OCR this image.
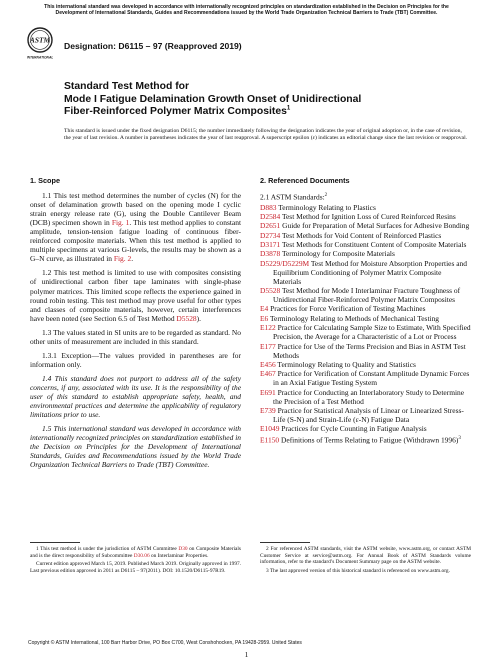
This international standard was developed in accordance with internationally recognized principles on standardization established in the Decision on Principles for the Development of International Standards, Guides and Recommendations issued by the World Trade Organization Technical Barriers to Trade (TBT) Committee.
ASTM
INTERNATIONAL
Designation: D6115 – 97 (Reapproved 2019)
Standard Test Method for
Mode I Fatigue Delamination Growth Onset of Unidirectional
Fiber-Reinforced Polymer Matrix Composites$^1$
This standard is issued under the fixed designation D6115; the number immediately following the designation indicates the year of original adoption or, in the case of revision, the year of last revision. A number in parentheses indicates the year of last reapproval. A superscript epsilon (ε) indicates an editorial change since the last revision or reapproval.
1. Scope

1.1 This test method determines the number of cycles (N) for the onset of delamination growth based on the opening mode I cyclic strain energy release rate (G), using the Double Cantilever Beam (DCB) specimen shown in Fig. 1. This test method applies to constant amplitude, tension-tension fatigue loading of continuous fiber-reinforced composite materials. When this test method is applied to multiple specimens at various G-levels, the results may be shown as a G–N curve, as illustrated in Fig. 2.

1.2 This test method is limited to use with composites consisting of unidirectional carbon fiber tape laminates with single-phase polymer matrices. This limited scope reflects the experience gained in round robin testing. This test method may prove useful for other types and classes of composite materials, however, certain interferences have been noted (see Section 6.5 of Test Method D5528).

1.3 The values stated in SI units are to be regarded as standard. No other units of measurement are included in this standard.

1.3.1 Exception—The values provided in parentheses are for information only.

1.4 This standard does not purport to address all of the safety concerns, if any, associated with its use. It is the responsibility of the user of this standard to establish appropriate safety, health, and environmental practices and determine the applicability of regulatory limitations prior to use.

1.5 This international standard was developed in accordance with internationally recognized principles on standardization established in the Decision on Principles for the Development of International Standards, Guides and Recommendations issued by the World Trade Organization Technical Barriers to Trade (TBT) Committee.

2. Referenced Documents

2.1 ASTM Standards:$^2$

D883 Terminology Relating to Plastics
D2584 Test Method for Ignition Loss of Cured Reinforced Resins
D2651 Guide for Preparation of Metal Surfaces for Adhesive Bonding
D2734 Test Methods for Void Content of Reinforced Plastics
D3171 Test Methods for Constituent Content of Composite Materials
D3878 Terminology for Composite Materials
D5229/D5229M Test Method for Moisture Absorption Properties and Equilibrium Conditioning of Polymer Matrix Composite Materials
D5528 Test Method for Mode I Interlaminar Fracture Toughness of Unidirectional Fiber-Reinforced Polymer Matrix Composites
E4 Practices for Force Verification of Testing Machines
E6 Terminology Relating to Methods of Mechanical Testing
E122 Practice for Calculating Sample Size to Estimate, With Specified Precision, the Average for a Characteristic of a Lot or Process
E177 Practice for Use of the Terms Precision and Bias in ASTM Test Methods
E456 Terminology Relating to Quality and Statistics
E467 Practice for Verification of Constant Amplitude Dynamic Forces in an Axial Fatigue Testing System
E691 Practice for Conducting an Interlaboratory Study to Determine the Precision of a Test Method
E739 Practice for Statistical Analysis of Linear or Linearized Stress-Life (S-N) and Strain-Life (ε-N) Fatigue Data
E1049 Practices for Cycle Counting in Fatigue Analysis
E1150 Definitions of Terms Relating to Fatigue (Withdrawn 1996)$^3$

1 This test method is under the jurisdiction of ASTM Committee D30 on Composite Materials and is the direct responsibility of Subcommittee D30.06 on Interlaminar Properties.

Current edition approved March 15, 2019. Published March 2019. Originally approved in 1997. Last previous edition approved in 2011 as D6115 – 97(2011). DOI: 10.1520/D6115-97R19.

2 For referenced ASTM standards, visit the ASTM website, www.astm.org, or contact ASTM Customer Service at service@astm.org. For Annual Book of ASTM Standards volume information, refer to the standard’s Document Summary page on the ASTM website.

3 The last approved version of this historical standard is referenced on www.astm.org.

Copyright © ASTM International, 100 Barr Harbor Drive, PO Box C700, West Conshohocken, PA 19428-2959. United States
1
